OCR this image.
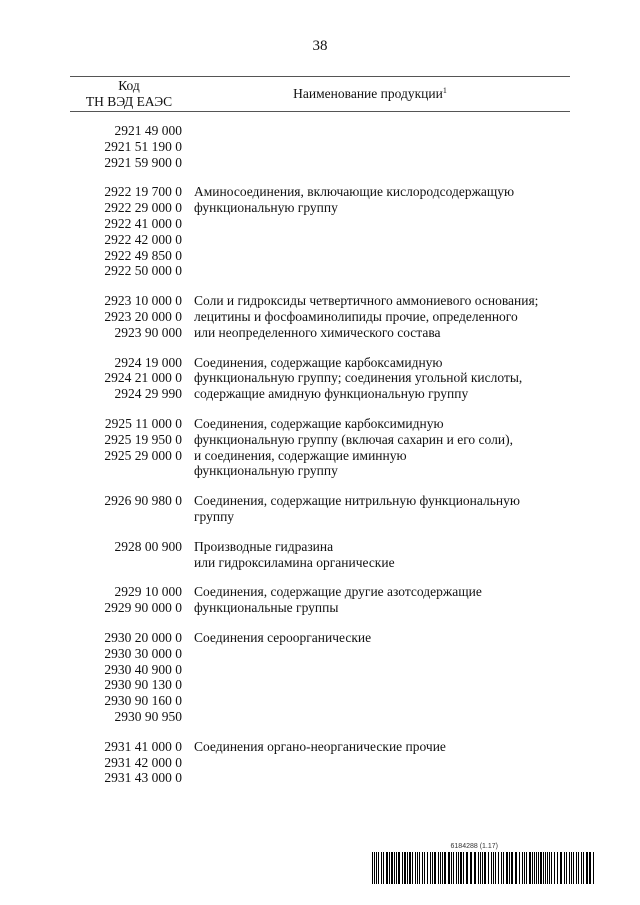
38
Код
ТН ВЭД ЕАЭС
Наименование продукции$^1$
2921 49 000
2921 51 190 0
2921 59 900 0
2922 19 700 0
2922 29 000 0
2922 41 000 0
2922 42 000 0
2922 49 850 0
2922 50 000 0
Аминосоединения, включающие кислородсодержащую
функциональную группу
2923 10 000 0
2923 20 000 0
2923 90 000
Соли и гидроксиды четвертичного аммониевого основания;
лецитины и фосфоаминолипиды прочие, определенного
или неопределенного химического состава
2924 19 000
2924 21 000 0
2924 29 990
Соединения, содержащие карбоксамидную
функциональную группу; соединения угольной кислоты,
содержащие амидную функциональную группу
2925 11 000 0
2925 19 950 0
2925 29 000 0
Соединения, содержащие карбоксимидную
функциональную группу (включая сахарин и его соли),
и соединения, содержащие иминную
функциональную группу
2926 90 980 0 Соединения, содержащие нитрильную функциональную
группу
2928 00 900 Производные гидразина
или гидроксиламина органические
2929 10 000
2929 90 000 0
Соединения, содержащие другие азотсодержащие
функциональные группы
2930 20 000 0
2930 30 000 0
2930 40 900 0
2930 90 130 0
2930 90 160 0
2930 90 950
Соединения сероорганические
2931 41 000 0
2931 42 000 0
2931 43 000 0
Соединения органо-неорганические прочие
6184288 (1.17)
